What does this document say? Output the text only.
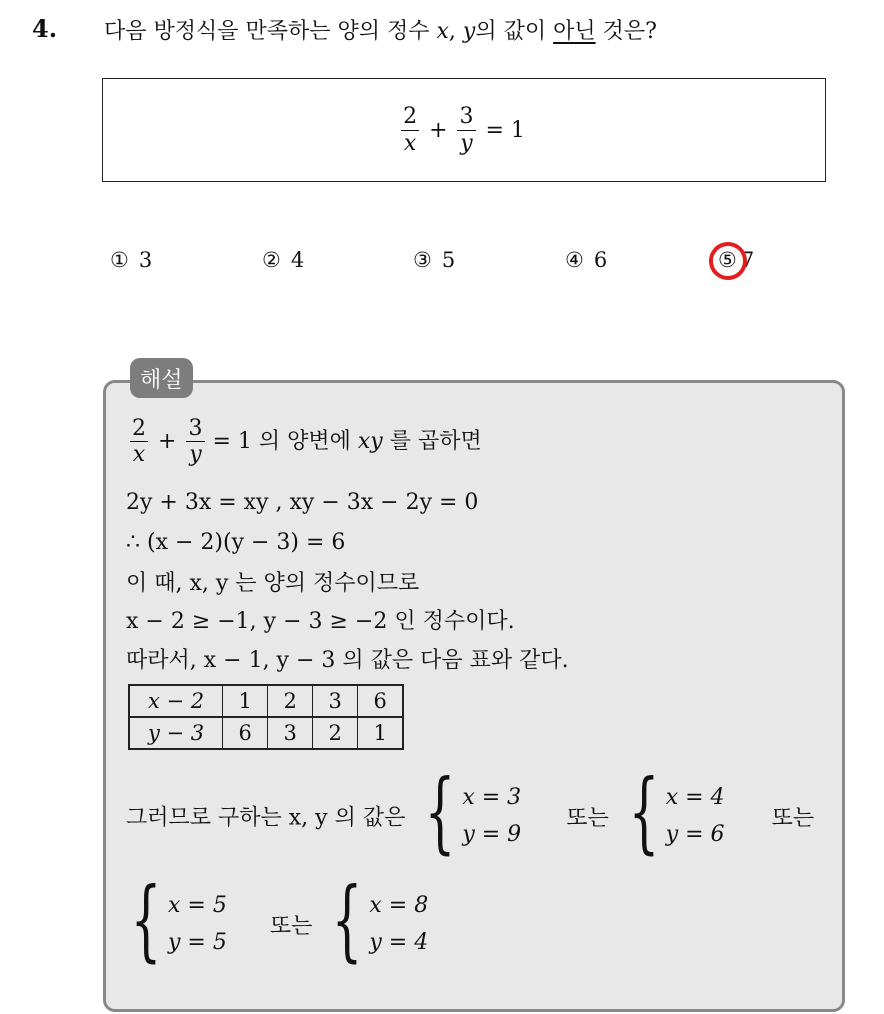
4. 다음 방정식을 만족하는 양의 정수 x, y의 값이 아닌 것은?
$\frac{2}{x} + \frac{3}{y} = 1$
① 3	② 4	③ 5	④ 6	⑤ 7
해설
$\frac{2}{x} + \frac{3}{y} = 1$ 의 양변에 xy 를 곱하면
2y + 3x = xy , xy − 3x − 2y = 0
∴ (x − 2)(y − 3) = 6
이 때, x, y 는 양의 정수이므로
x − 2 ≥ −1, y − 3 ≥ −2 인 정수이다.
따라서, x − 1, y − 3 의 값은 다음 표와 같다.
x − 2	1	2	3	6
y − 3	6	3	2	1
그러므로 구하는 x, y 의 값은 { x = 3
y = 9
또는 { x = 4
y = 6
또는
{ x = 5
y = 5
또는 { x = 8
y = 4
